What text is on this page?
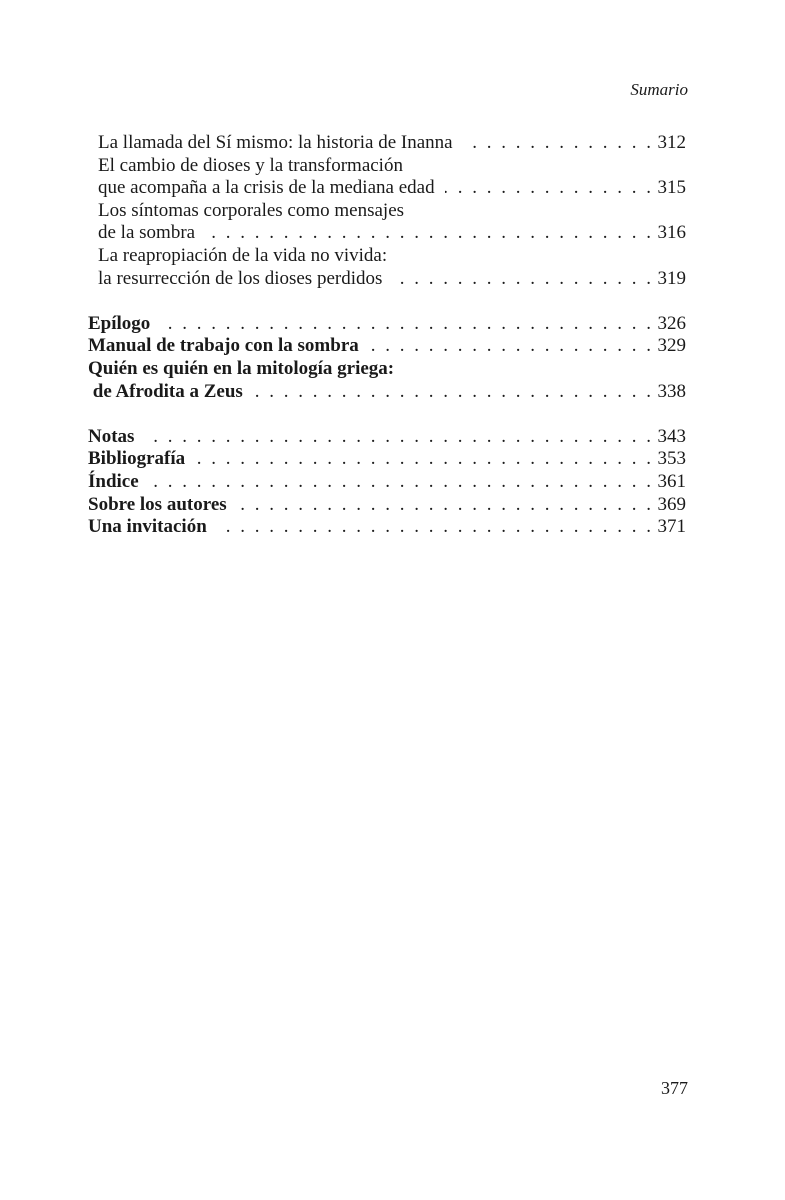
Sumario
La llamada del Sí mismo: la historia de Inanna . . .	312
El cambio de dioses y la transformación
que acompaña a la crisis de la mediana edad . . .	315
Los síntomas corporales como mensajes
de la sombra . . .	316
La reapropiación de la vida no vivida:
la resurrección de los dioses perdidos . . .	319
Epílogo . . .	326
Manual de trabajo con la sombra . . .	329
Quién es quién en la mitología griega:
de Afrodita a Zeus . . .	338
Notas . . .	343
Bibliografía . . .	353
Índice . . .	361
Sobre los autores . . .	369
Una invitación . . .	371
377
